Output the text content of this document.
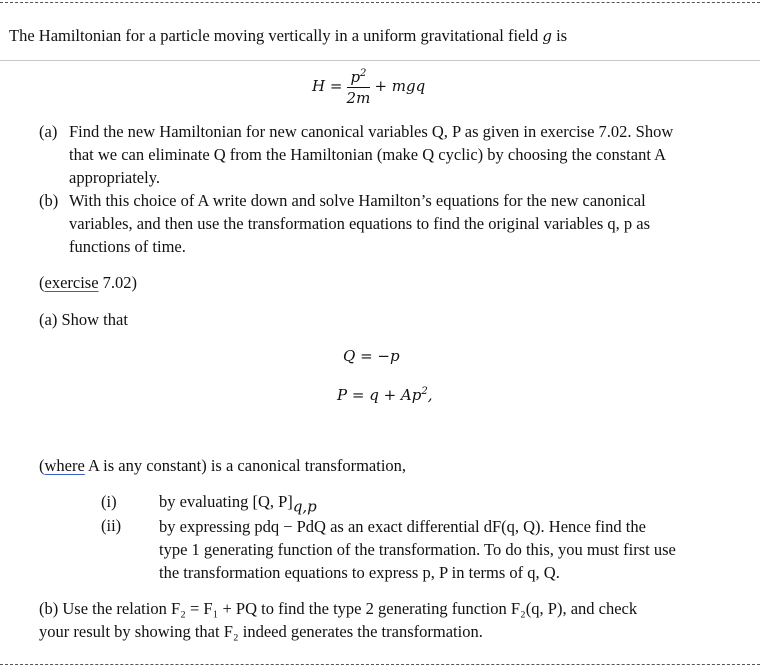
The Hamiltonian for a particle moving vertically in a uniform gravitational field g is
$H = \frac{p^2}{2m}$ + mgq
(a) Find the new Hamiltonian for new canonical variables Q, P as given in exercise 7.02. Show
that we can eliminate Q from the Hamiltonian (make Q cyclic) by choosing the constant A
appropriately.
(b) With this choice of A write down and solve Hamilton’s equations for the new canonical
variables, and then use the transformation equations to find the original variables q, p as
functions of time.
(exercise 7.02)
(a) Show that
Q = −p
$P = q + Ap^2$,
(where A is any constant) is a canonical transformation,
(i)	by evaluating [Q, $P]_{q,p}$
(ii) by expressing pdq − PdQ as an exact differential dF(q, Q). Hence find the
type 1 generating function of the transformation. To do this, you must first use
the transformation equations to express p, P in terms of q, Q.
(b) Use the relation F₂ = F₁ + PQ to find the type 2 generating function F₂(q, P), and check
your result by showing that F₂ indeed generates the transformation.
